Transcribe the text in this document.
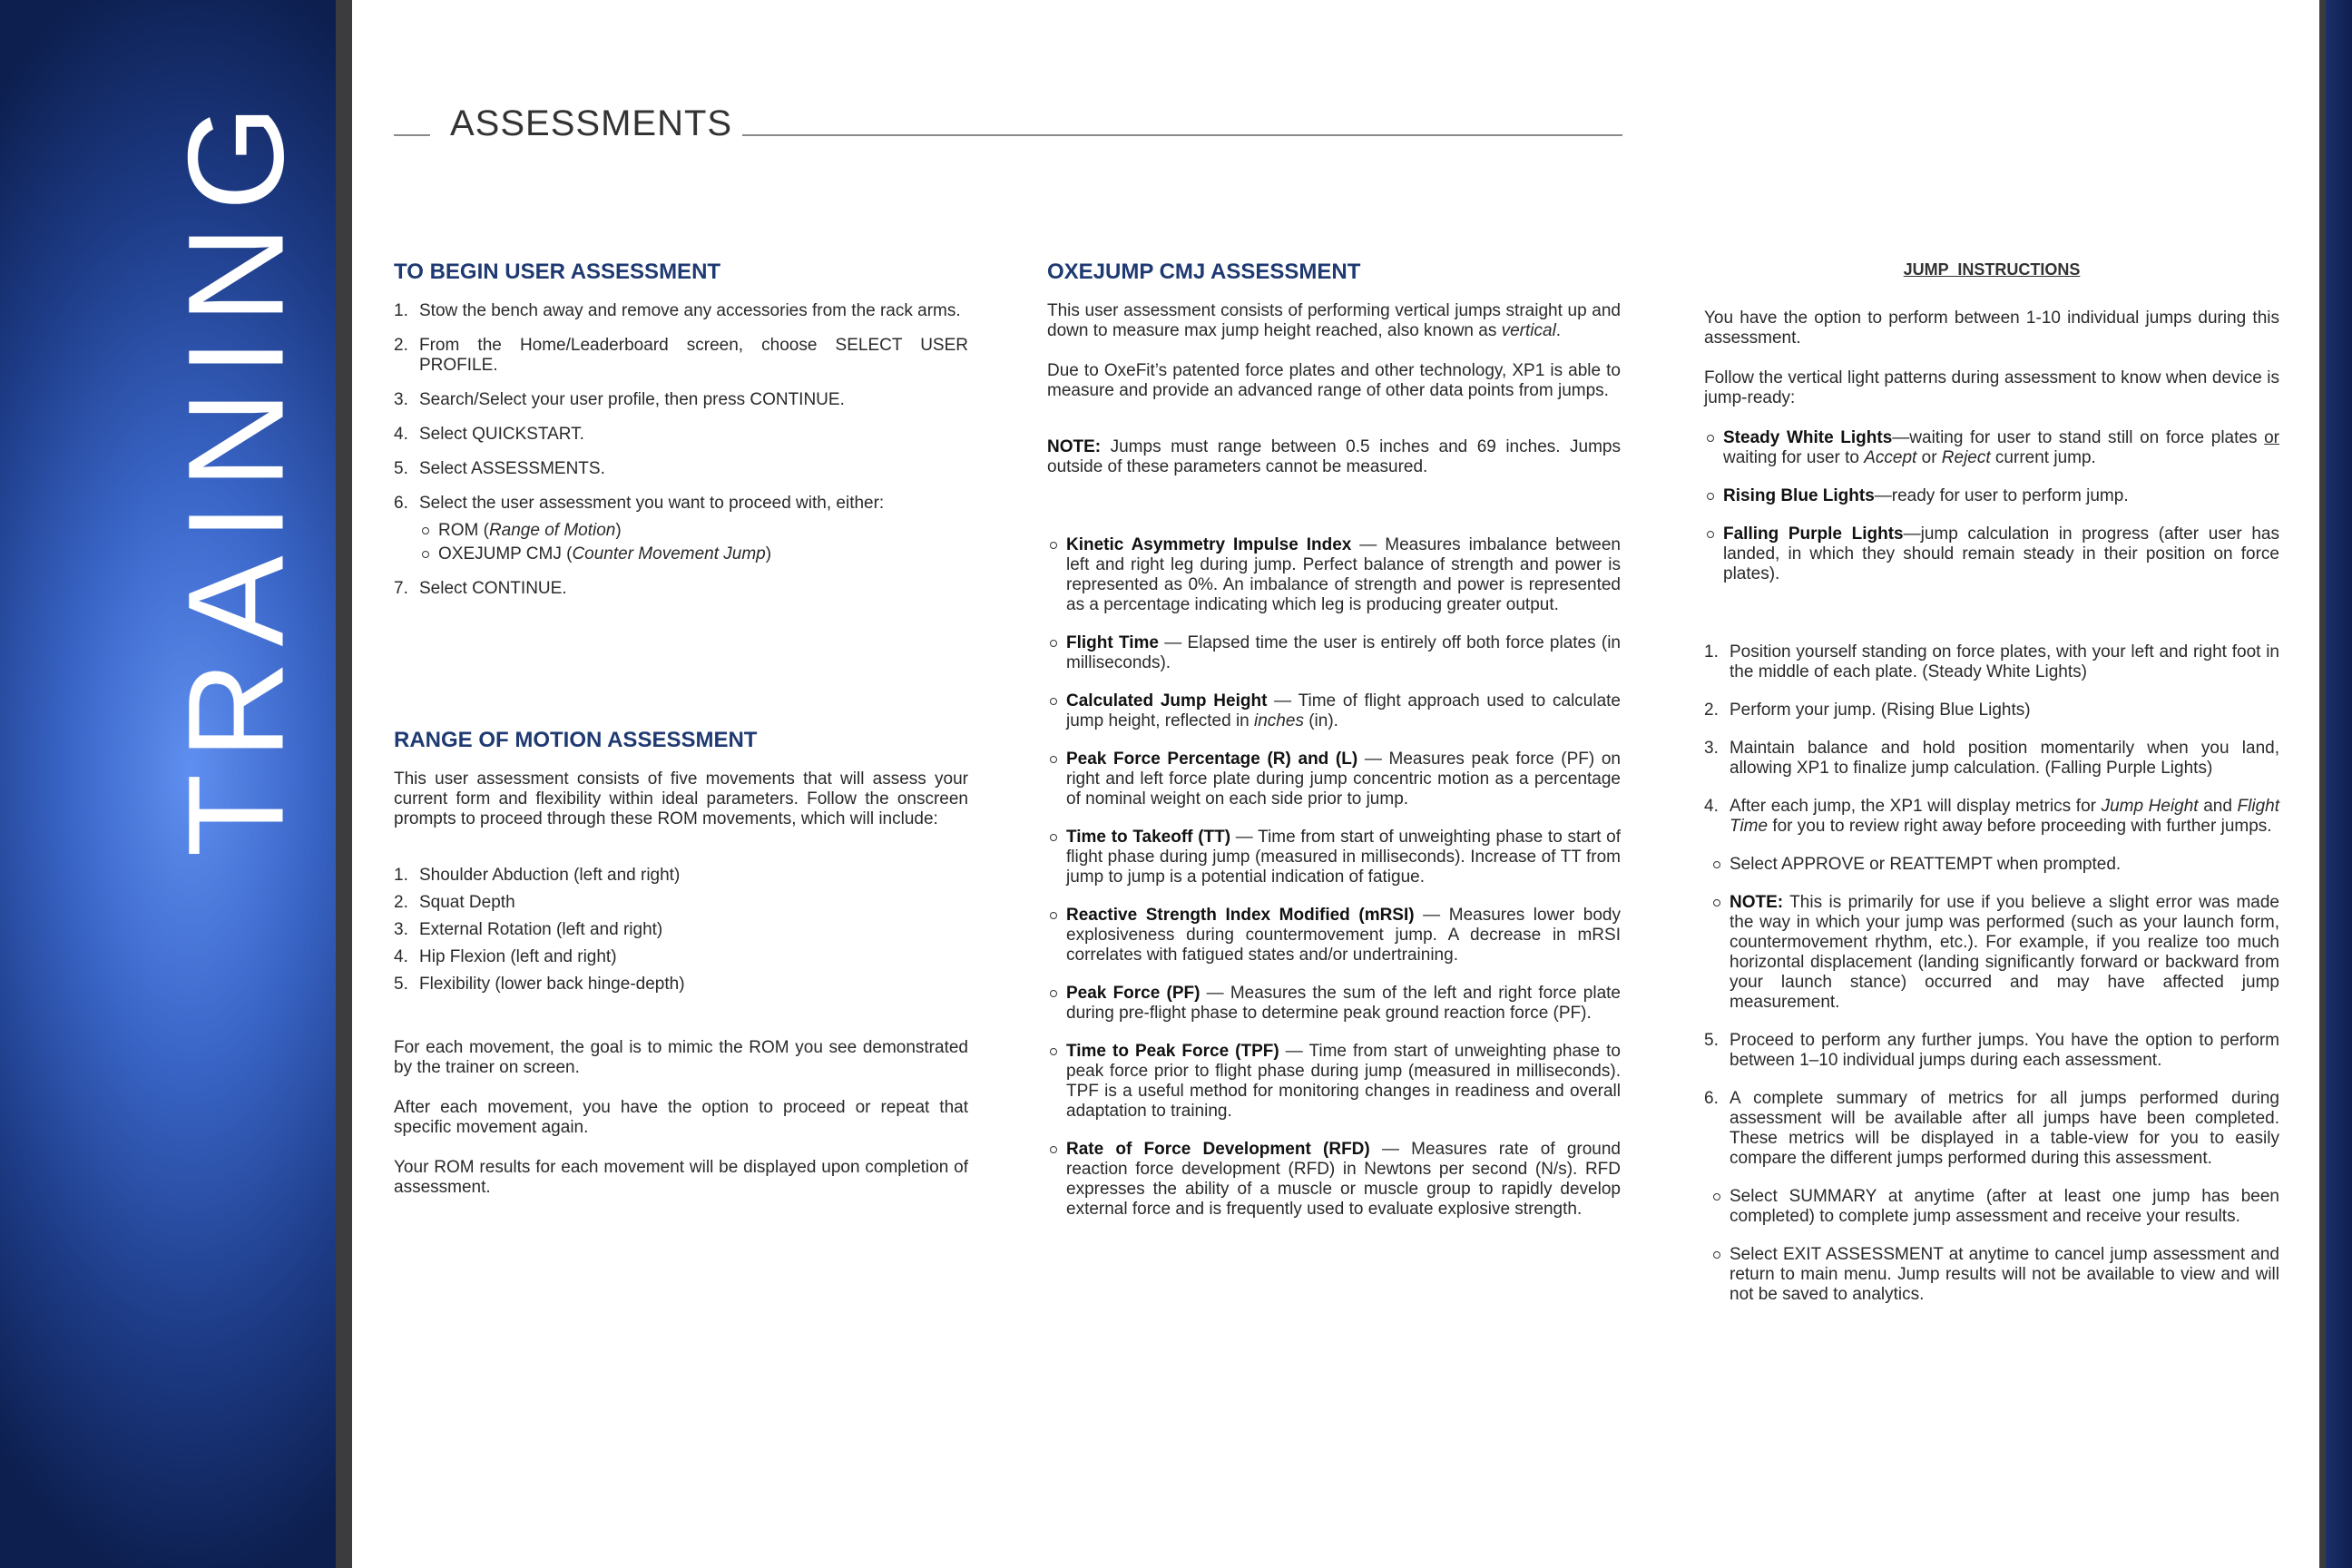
TRAINING	ASSESSMENTS
TO BEGIN USER ASSESSMENT
1. Stow the bench away and remove any accessories from the rack arms.
2. From the Home/Leaderboard screen, choose SELECT USER PROFILE.
3. Search/Select your user profile, then press CONTINUE.
4. Select QUICKSTART.
5. Select ASSESSMENTS.
6. Select the user assessment you want to proceed with, either:
ROM (Range of Motion)
OXEJUMP CMJ (Counter Movement Jump)
7. Select CONTINUE.
RANGE OF MOTION ASSESSMENT

This user assessment consists of five movements that will assess your current form and flexibility within ideal parameters. Follow the onscreen prompts to proceed through these ROM movements, which will include:

1. Shoulder Abduction (left and right)
2. Squat Depth
3. External Rotation (left and right)
4. Hip Flexion (left and right)
5. Flexibility (lower back hinge-depth)

For each movement, the goal is to mimic the ROM you see demonstrated by the trainer on screen.

After each movement, you have the option to proceed or repeat that specific movement again.

Your ROM results for each movement will be displayed upon completion of assessment.

OXEJUMP CMJ ASSESSMENT

This user assessment consists of performing vertical jumps straight up and down to measure max jump height reached, also known as vertical.

Due to OxeFit’s patented force plates and other technology, XP1 is able to measure and provide an advanced range of other data points from jumps.

NOTE: Jumps must range between 0.5 inches and 69 inches. Jumps outside of these parameters cannot be measured.

Kinetic Asymmetry Impulse Index — Measures imbalance between left and right leg during jump. Perfect balance of strength and power is represented as 0%. An imbalance of strength and power is represented as a percentage indicating which leg is producing greater output.
Flight Time — Elapsed time the user is entirely off both force plates (in milliseconds).
Calculated Jump Height — Time of flight approach used to calculate jump height, reflected in inches (in).
Peak Force Percentage (R) and (L) — Measures peak force (PF) on right and left force plate during jump concentric motion as a percentage of nominal weight on each side prior to jump.
Time to Takeoff (TT) — Time from start of unweighting phase to start of flight phase during jump (measured in milliseconds). Increase of TT from jump to jump is a potential indication of fatigue.
Reactive Strength Index Modified (mRSI) — Measures lower body explosiveness during countermovement jump. A decrease in mRSI correlates with fatigued states and/or undertraining.
Peak Force (PF) — Measures the sum of the left and right force plate during pre-flight phase to determine peak ground reaction force (PF).
Time to Peak Force (TPF) — Time from start of unweighting phase to peak force prior to flight phase during jump (measured in milliseconds). TPF is a useful method for monitoring changes in readiness and overall adaptation to training.
Rate of Force Development (RFD) — Measures rate of ground reaction force development (RFD) in Newtons per second (N/s). RFD expresses the ability of a muscle or muscle group to rapidly develop external force and is frequently used to evaluate explosive strength.
JUMP  INSTRUCTIONS

You have the option to perform between 1-10 individual jumps during this assessment.

Follow the vertical light patterns during assessment to know when device is jump-ready:

Steady White Lights—waiting for user to stand still on force plates or  waiting for user to Accept or Reject current jump.
Rising Blue Lights—ready for user to perform jump.
Falling Purple Lights—jump calculation in progress (after user has landed, in which they should remain steady in their position on force plates).
1. Position yourself standing on force plates, with your left and right foot in the middle of each plate. (Steady White Lights)
2. Perform your jump. (Rising Blue Lights)
3. Maintain balance and hold position momentarily when you land, allowing XP1 to finalize jump calculation. (Falling Purple Lights)
4. After each jump, the XP1 will display metrics for Jump Height and Flight Time for you to review right away before proceeding with further jumps.
Select APPROVE or REATTEMPT when prompted.
NOTE: This is primarily for use if you believe a slight error was made the way in which your jump was performed (such as your launch form, countermovement rhythm, etc.). For example, if you realize too much horizontal displacement (landing significantly forward or backward from your launch stance) occurred and may have affected jump measurement.
5. Proceed to perform any further jumps. You have the option to perform between 1–10 individual jumps during each assessment.
6. A complete summary of metrics for all jumps performed during assessment will be available after all jumps have been completed. These metrics will be displayed in a table-view for you to easily compare the different jumps performed during this assessment.
Select SUMMARY at anytime (after at least one jump has been completed) to complete jump assessment and receive your results.
Select EXIT ASSESSMENT at anytime to cancel jump assessment and return to main menu. Jump results will not be available to view and will not be saved to analytics.
